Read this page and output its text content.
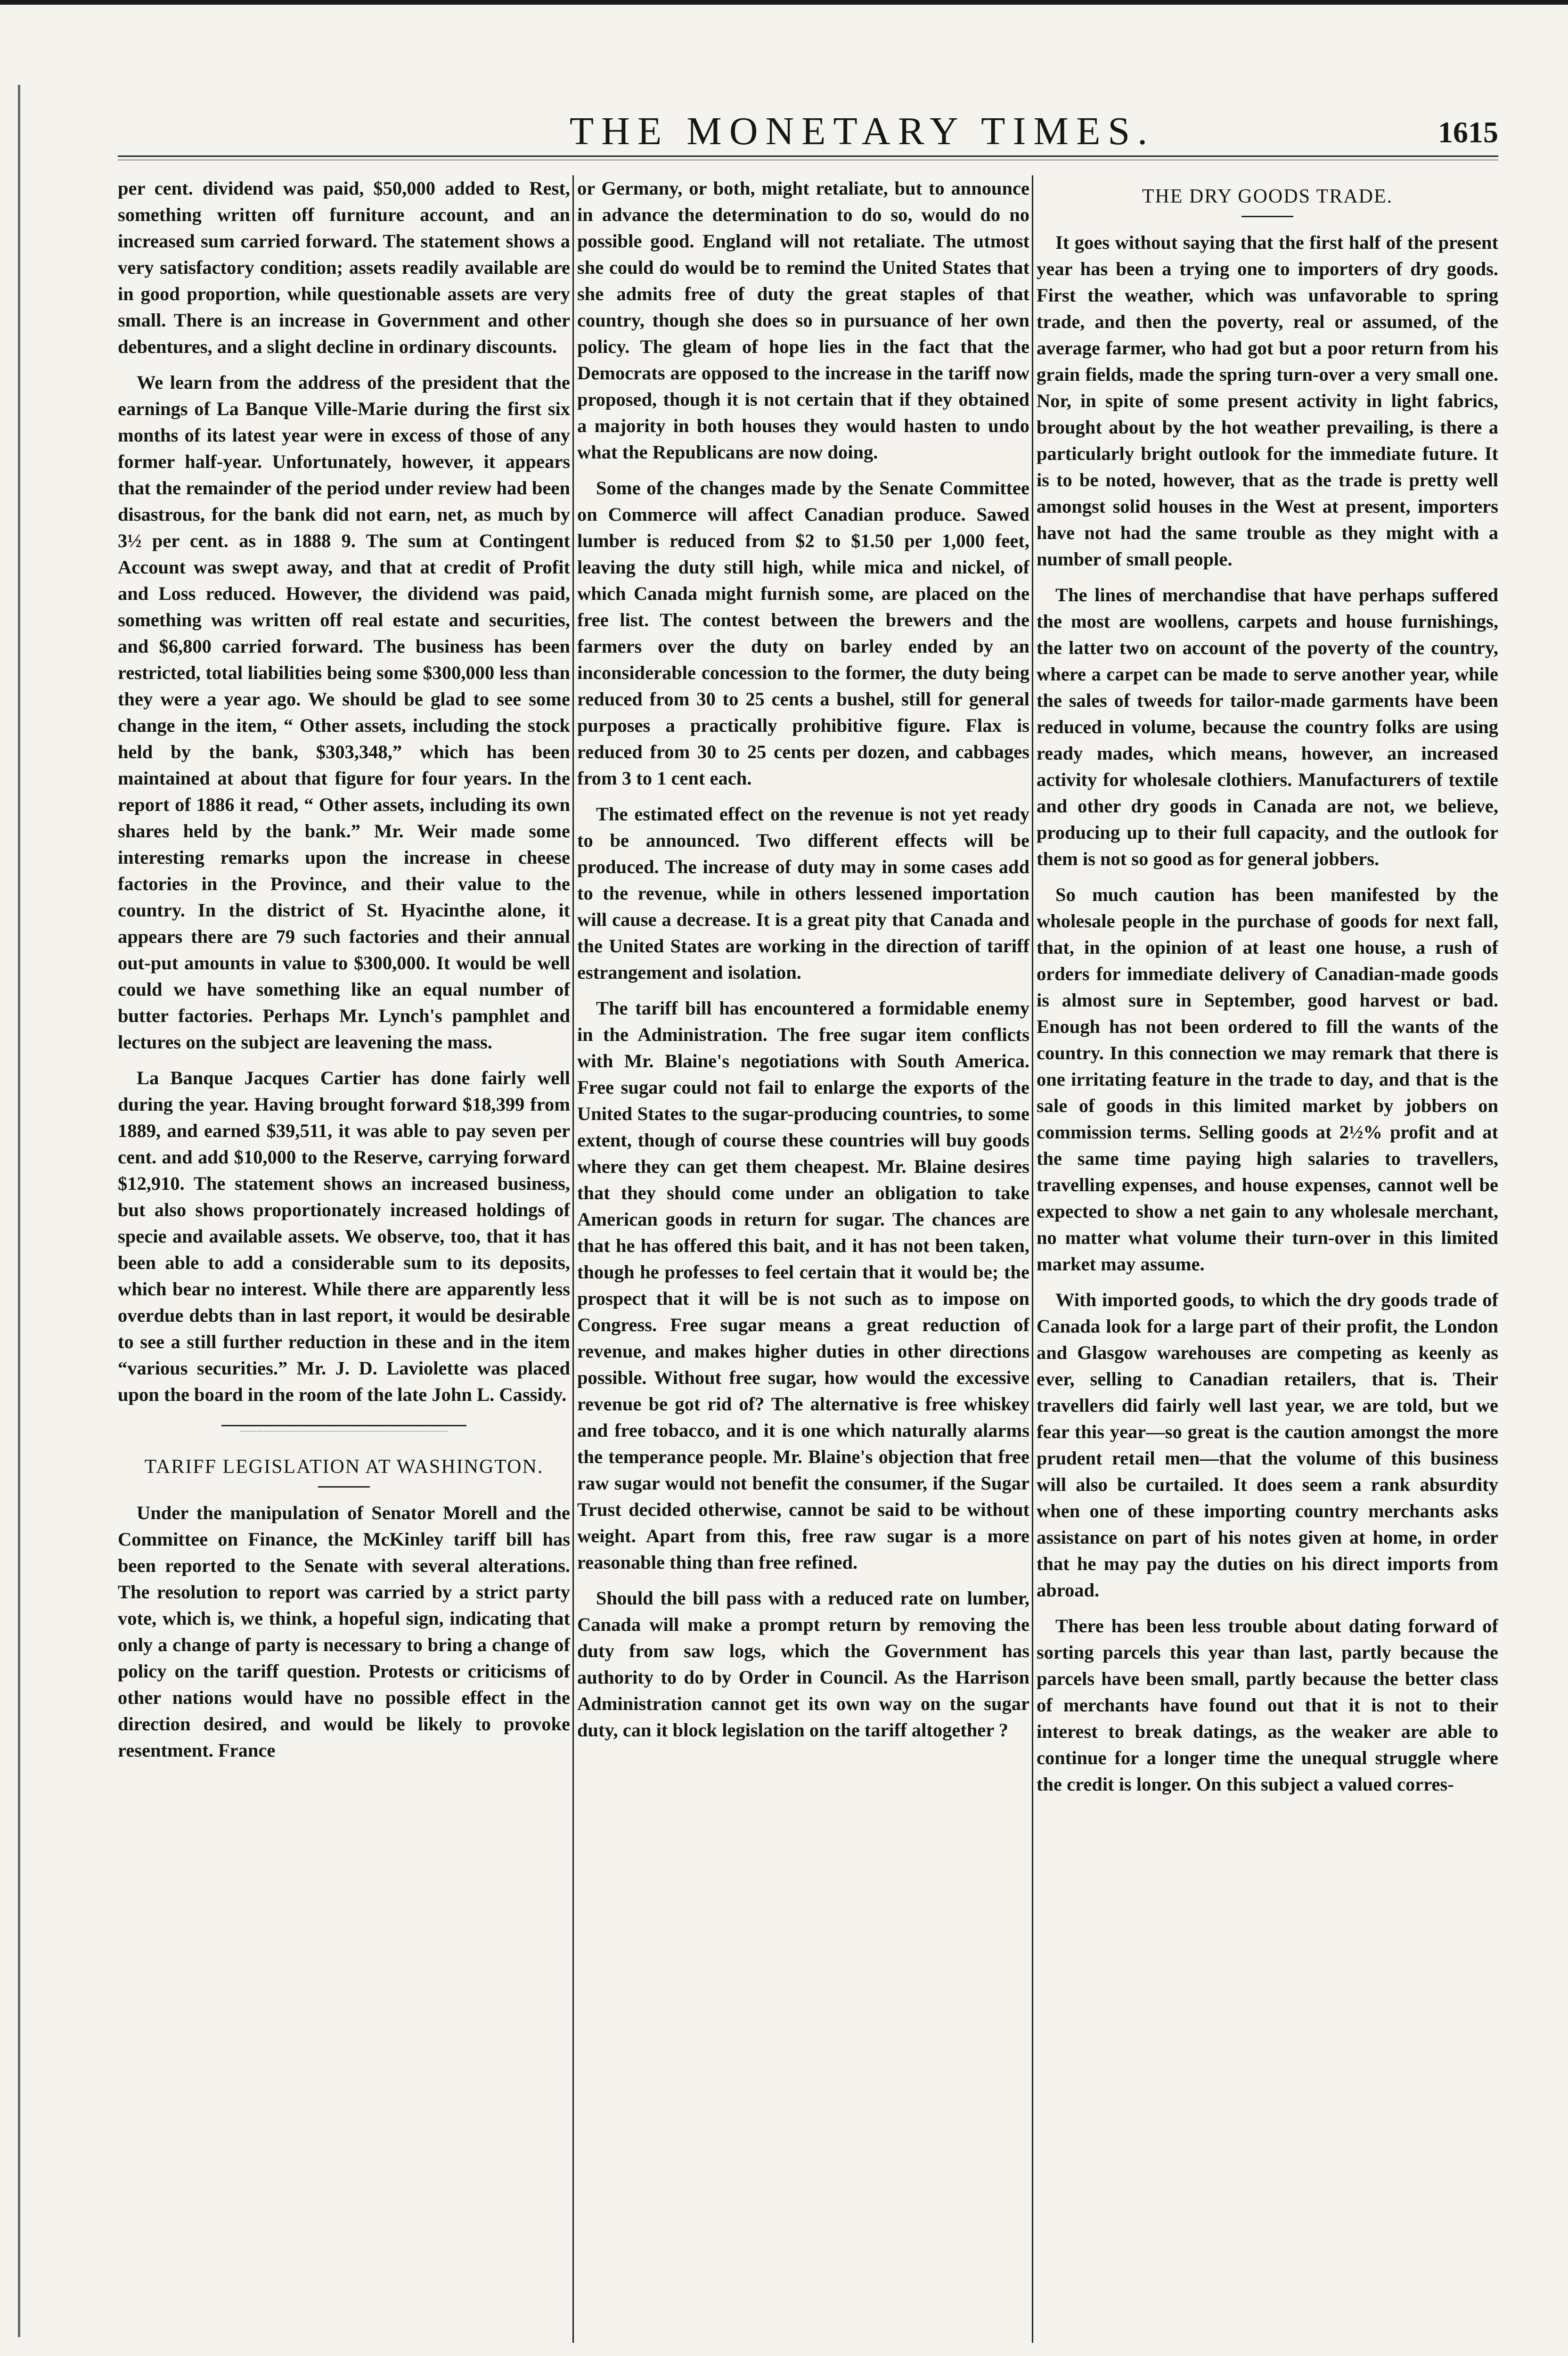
THE MONETARY TIMES.	1615

per cent. dividend was paid, $50,000 added to Rest, something written off furniture account, and an increased sum carried forward. The statement shows a very satisfactory condition; assets readily available are in good proportion, while questionable assets are very small. There is an increase in Government and other debentures, and a slight decline in ordinary discounts.

We learn from the address of the president that the earnings of La Banque Ville-Marie during the first six months of its latest year were in excess of those of any former half-year. Unfortunately, however, it appears that the remainder of the period under review had been disastrous, for the bank did not earn, net, as much by 3½ per cent. as in 1888 9. The sum at Contingent Account was swept away, and that at credit of Profit and Loss reduced. However, the dividend was paid, something was written off real estate and securities, and $6,800 carried forward. The business has been restricted, total liabilities being some $300,000 less than they were a year ago. We should be glad to see some change in the item, “ Other assets, including the stock held by the bank, $303,348,” which has been maintained at about that figure for four years. In the report of 1886 it read, “ Other assets, including its own shares held by the bank.” Mr. Weir made some interesting remarks upon the increase in cheese factories in the Province, and their value to the country. In the district of St. Hyacinthe alone, it appears there are 79 such factories and their annual out-put amounts in value to $300,000. It would be well could we have something like an equal number of butter factories. Perhaps Mr. Lynch's pamphlet and lectures on the subject are leavening the mass.

La Banque Jacques Cartier has done fairly well during the year. Having brought forward $18,399 from 1889, and earned $39,511, it was able to pay seven per cent. and add $10,000 to the Reserve, carrying forward $12,910. The statement shows an increased business, but also shows proportionately increased holdings of specie and available assets. We observe, too, that it has been able to add a considerable sum to its deposits, which bear no interest. While there are apparently less overdue debts than in last report, it would be desirable to see a still further reduction in these and in the item “various securities.” Mr. J. D. Laviolette was placed upon the board in the room of the late John L. Cassidy.

TARIFF LEGISLATION AT WASHINGTON.

Under the manipulation of Senator Morell and the Committee on Finance, the McKinley tariff bill has been reported to the Senate with several alterations. The resolution to report was carried by a strict party vote, which is, we think, a hopeful sign, indicating that only a change of party is necessary to bring a change of policy on the tariff question. Protests or criticisms of other nations would have no possible effect in the direction desired, and would be likely to provoke resentment. France

or Germany, or both, might retaliate, but to announce in advance the determination to do so, would do no possible good. England will not retaliate. The utmost she could do would be to remind the United States that she admits free of duty the great staples of that country, though she does so in pursuance of her own policy. The gleam of hope lies in the fact that the Democrats are opposed to the increase in the tariff now proposed, though it is not certain that if they obtained a majority in both houses they would hasten to undo what the Republicans are now doing.

Some of the changes made by the Senate Committee on Commerce will affect Canadian produce. Sawed lumber is reduced from $2 to $1.50 per 1,000 feet, leaving the duty still high, while mica and nickel, of which Canada might furnish some, are placed on the free list. The contest between the brewers and the farmers over the duty on barley ended by an inconsiderable concession to the former, the duty being reduced from 30 to 25 cents a bushel, still for general purposes a practically prohibitive figure. Flax is reduced from 30 to 25 cents per dozen, and cabbages from 3 to 1 cent each.

The estimated effect on the revenue is not yet ready to be announced. Two different effects will be produced. The increase of duty may in some cases add to the revenue, while in others lessened importation will cause a decrease. It is a great pity that Canada and the United States are working in the direction of tariff estrangement and isolation.

The tariff bill has encountered a formidable enemy in the Administration. The free sugar item conflicts with Mr. Blaine's negotiations with South America. Free sugar could not fail to enlarge the exports of the United States to the sugar-producing countries, to some extent, though of course these countries will buy goods where they can get them cheapest. Mr. Blaine desires that they should come under an obligation to take American goods in return for sugar. The chances are that he has offered this bait, and it has not been taken, though he professes to feel certain that it would be; the prospect that it will be is not such as to impose on Congress. Free sugar means a great reduction of revenue, and makes higher duties in other directions possible. Without free sugar, how would the excessive revenue be got rid of? The alternative is free whiskey and free tobacco, and it is one which naturally alarms the temperance people. Mr. Blaine's objection that free raw sugar would not benefit the consumer, if the Sugar Trust decided otherwise, cannot be said to be without weight. Apart from this, free raw sugar is a more reasonable thing than free refined.

Should the bill pass with a reduced rate on lumber, Canada will make a prompt return by removing the duty from saw logs, which the Government has authority to do by Order in Council. As the Harrison Administration cannot get its own way on the sugar duty, can it block legislation on the tariff altogether ?

THE DRY GOODS TRADE.

It goes without saying that the first half of the present year has been a trying one to importers of dry goods. First the weather, which was unfavorable to spring trade, and then the poverty, real or assumed, of the average farmer, who had got but a poor return from his grain fields, made the spring turn-over a very small one. Nor, in spite of some present activity in light fabrics, brought about by the hot weather prevailing, is there a particularly bright outlook for the immediate future. It is to be noted, however, that as the trade is pretty well amongst solid houses in the West at present, importers have not had the same trouble as they might with a number of small people.

The lines of merchandise that have perhaps suffered the most are woollens, carpets and house furnishings, the latter two on account of the poverty of the country, where a carpet can be made to serve another year, while the sales of tweeds for tailor-made garments have been reduced in volume, because the country folks are using ready mades, which means, however, an increased activity for wholesale clothiers. Manufacturers of textile and other dry goods in Canada are not, we believe, producing up to their full capacity, and the outlook for them is not so good as for general jobbers.

So much caution has been manifested by the wholesale people in the purchase of goods for next fall, that, in the opinion of at least one house, a rush of orders for immediate delivery of Canadian-made goods is almost sure in September, good harvest or bad. Enough has not been ordered to fill the wants of the country. In this connection we may remark that there is one irritating feature in the trade to day, and that is the sale of goods in this limited market by jobbers on commission terms. Selling goods at 2½% profit and at the same time paying high salaries to travellers, travelling expenses, and house expenses, cannot well be expected to show a net gain to any wholesale merchant, no matter what volume their turn-over in this limited market may assume.

With imported goods, to which the dry goods trade of Canada look for a large part of their profit, the London and Glasgow warehouses are competing as keenly as ever, selling to Canadian retailers, that is. Their travellers did fairly well last year, we are told, but we fear this year—so great is the caution amongst the more prudent retail men—that the volume of this business will also be curtailed. It does seem a rank absurdity when one of these importing country merchants asks assistance on part of his notes given at home, in order that he may pay the duties on his direct imports from abroad.

There has been less trouble about dating forward of sorting parcels this year than last, partly because the parcels have been small, partly because the better class of merchants have found out that it is not to their interest to break datings, as the weaker are able to continue for a longer time the unequal struggle where the credit is longer. On this subject a valued corres-
